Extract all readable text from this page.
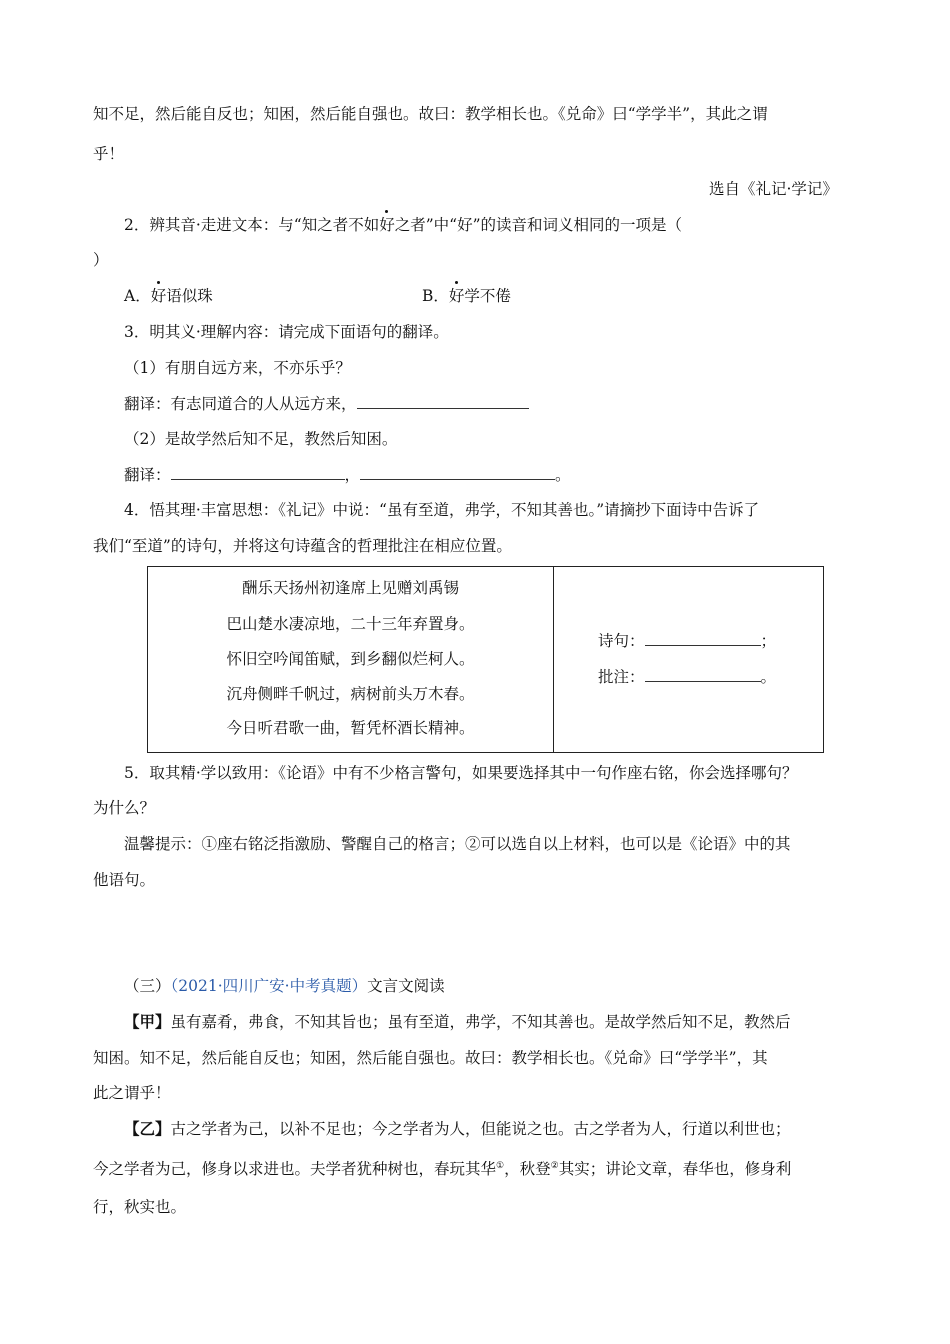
知不足，然后能自反也；知困，然后能自强也。故曰：教学相长也。《兑命》曰“学学半”，其此之谓
乎！
选自《礼记·学记》
2．辨其音·走进文本：与“知之者不如好之者”中“好”的读音和词义相同的一项是（
）
A．好语似珠	B．好学不倦
3．明其义·理解内容：请完成下面语句的翻译。
（1）有朋自远方来，不亦乐乎？
翻译：有志同道合的人从远方来，
（2）是故学然后知不足，教然后知困。
翻译：	，	。
4．悟其理·丰富思想：《礼记》中说：“虽有至道，弗学，不知其善也。”请摘抄下面诗中告诉了
我们“至道”的诗句，并将这句诗蕴含的哲理批注在相应位置。
酬乐天扬州初逢席上见赠刘禹锡
巴山楚水凄凉地，二十三年弃置身。
怀旧空吟闻笛赋，到乡翻似烂柯人。
沉舟侧畔千帆过，病树前头万木春。
今日听君歌一曲，暂凭杯酒长精神。
诗句：	；
批注：	。
5．取其精·学以致用：《论语》中有不少格言警句，如果要选择其中一句作座右铭，你会选择哪句？
为什么？
温馨提示：①座右铭泛指激励、警醒自己的格言；②可以选自以上材料，也可以是《论语》中的其
他语句。
（三）（2021·四川广安·中考真题）文言文阅读
【甲】虽有嘉肴，弗食，不知其旨也；虽有至道，弗学，不知其善也。是故学然后知不足，教然后
知困。知不足，然后能自反也；知困，然后能自强也。故曰：教学相长也。《兑命》曰“学学半”，其
此之谓乎！
【乙】古之学者为己，以补不足也；今之学者为人，但能说之也。古之学者为人，行道以利世也；
今之学者为己，修身以求进也。夫学者犹种树也，春玩其华①，秋登②其实；讲论文章，春华也，修身利
行，秋实也。
